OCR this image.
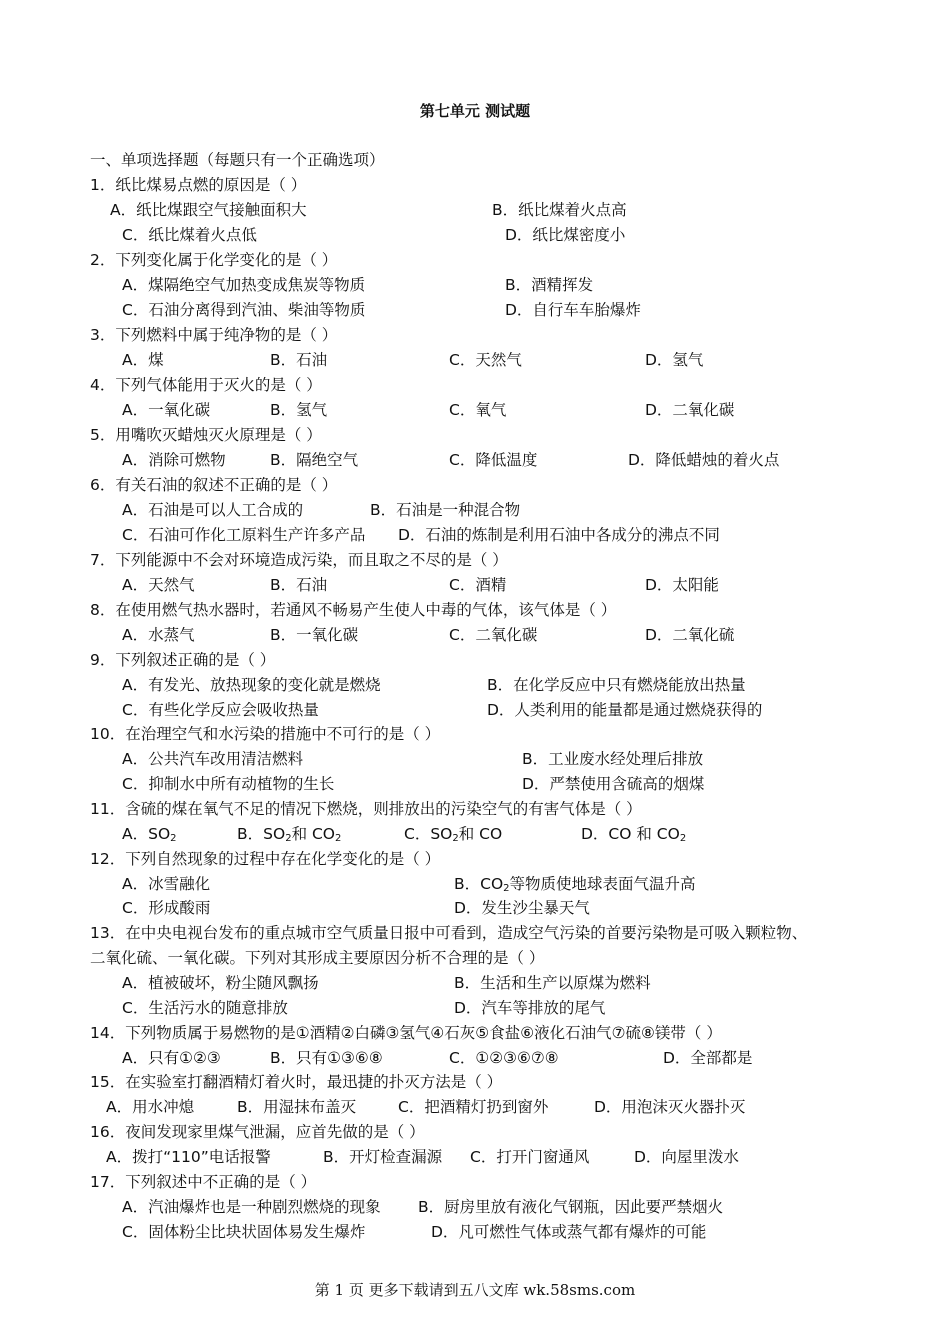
第七单元 测试题
一、单项选择题（每题只有一个正确选项）
1．纸比煤易点燃的原因是（ ）
A．纸比煤跟空气接触面积大	B．纸比煤着火点高
C．纸比煤着火点低	D．纸比煤密度小
2．下列变化属于化学变化的是（ ）
A．煤隔绝空气加热变成焦炭等物质	B．酒精挥发
C．石油分离得到汽油、柴油等物质	D．自行车车胎爆炸
3．下列燃料中属于纯净物的是（ ）
A．煤	B．石油	C．天然气	D．氢气
4．下列气体能用于灭火的是（ ）
A．一氧化碳	B．氢气	C．氧气	D．二氧化碳
5．用嘴吹灭蜡烛灭火原理是（ ）
A．消除可燃物	B．隔绝空气	C．降低温度	D．降低蜡烛的着火点
6．有关石油的叙述不正确的是（ ）
A．石油是可以人工合成的	B．石油是一种混合物
C．石油可作化工原料生产许多产品 D．石油的炼制是利用石油中各成分的沸点不同
7．下列能源中不会对环境造成污染，而且取之不尽的是（ ）
A．天然气	B．石油	C．酒精	D．太阳能
8．在使用燃气热水器时，若通风不畅易产生使人中毒的气体，该气体是（ ）
A．水蒸气	B．一氧化碳	C．二氧化碳	D．二氧化硫
9．下列叙述正确的是（ ）
A．有发光、放热现象的变化就是燃烧	B．在化学反应中只有燃烧能放出热量
C．有些化学反应会吸收热量	D．人类利用的能量都是通过燃烧获得的
10．在治理空气和水污染的措施中不可行的是（ ）
A．公共汽车改用清洁燃料	B．工业废水经处理后排放
C．抑制水中所有动植物的生长	D．严禁使用含硫高的烟煤
11．含硫的煤在氧气不足的情况下燃烧，则排放出的污染空气的有害气体是（ ）
A．$SO_2$	B．$SO_2$和 $CO_2$	C．$SO_2$和 CO	D．CO 和 $CO_2$
12．下列自然现象的过程中存在化学变化的是（ ）
A．冰雪融化	B．$CO_2$等物质使地球表面气温升高
C．形成酸雨	D．发生沙尘暴天气
13．在中央电视台发布的重点城市空气质量日报中可看到，造成空气污染的首要污染物是可吸入颗粒物、
二氧化硫、一氧化碳。下列对其形成主要原因分析不合理的是（ ）
A．植被破坏，粉尘随风飘扬	B．生活和生产以原煤为燃料
C．生活污水的随意排放	D．汽车等排放的尾气
14．下列物质属于易燃物的是①酒精②白磷③氢气④石灰⑤食盐⑥液化石油气⑦硫⑧镁带（ ）
A．只有①②③	B．只有①③⑥⑧	C．①②③⑥⑦⑧	D．全部都是
15．在实验室打翻酒精灯着火时，最迅捷的扑灭方法是（ ）
A．用水冲熄	B．用湿抹布盖灭	C．把酒精灯扔到窗外	D．用泡沫灭火器扑灭
16．夜间发现家里煤气泄漏，应首先做的是（ ）
A．拨打“110”电话报警	B．开灯检查漏源 C．打开门窗通风	D．向屋里泼水
17．下列叙述中不正确的是（ ）
A．汽油爆炸也是一种剧烈燃烧的现象 B．厨房里放有液化气钢瓶，因此要严禁烟火
C．固体粉尘比块状固体易发生爆炸	D．凡可燃性气体或蒸气都有爆炸的可能
第 1 页 更多下载请到五八文库 wk.58sms.com
